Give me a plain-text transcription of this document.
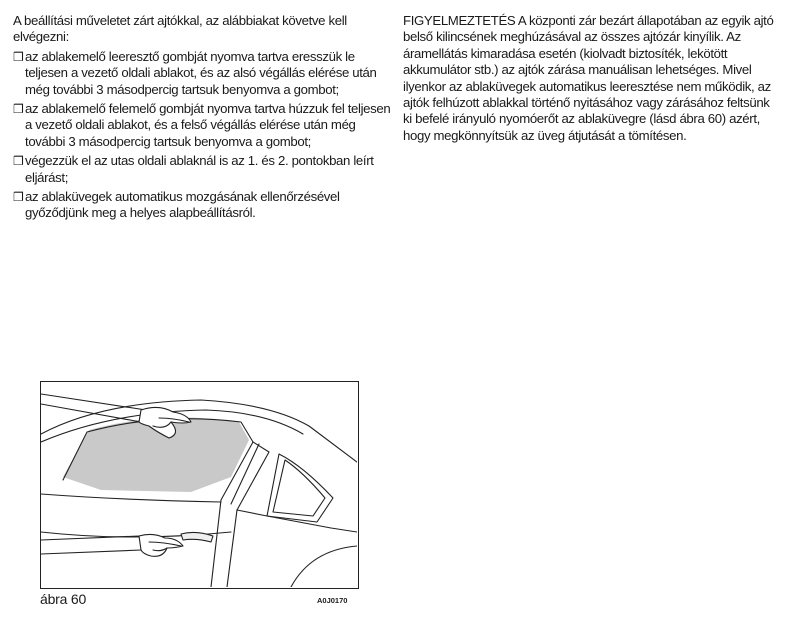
A beállítási műveletet zárt ajtókkal, az alábbiakat követve kell elvégezni:

❒ az ablakemelő leeresztő gombját nyomva tartva eresszük le teljesen a vezető oldali ablakot, és az alsó végállás elérése után még további 3 másodpercig tartsuk benyomva a gombot;
❒ az ablakemelő felemelő gombját nyomva tartva húzzuk fel teljesen a vezető oldali ablakot, és a felső végállás elérése után még további 3 másodpercig tartsuk benyomva a gombot;
❒ végezzük el az utas oldali ablaknál is az 1. és 2. pontokban leírt eljárást;
❒ az ablaküvegek automatikus mozgásának ellenőrzésével győződjünk meg a helyes alapbeállításról.

FIGYELMEZTETÉS A központi zár bezárt állapotában az egyik ajtó belső kilincsének meghúzásával az összes ajtózár kinyílik. Az áramellátás kimaradása esetén (kiolvadt biztosíték, lekötött akkumulátor stb.) az ajtók zárása manuálisan lehetséges. Mivel ilyenkor az ablaküvegek automatikus leeresztése nem működik, az ajtók felhúzott ablakkal történő nyitásához vagy zárásához feltsünk ki befelé irányuló nyomóerőt az ablaküvegre (lásd ábra 60) azért, hogy megkönnyítsük az üveg átjutását a tömítésen.

ábra 60	A0J0170
